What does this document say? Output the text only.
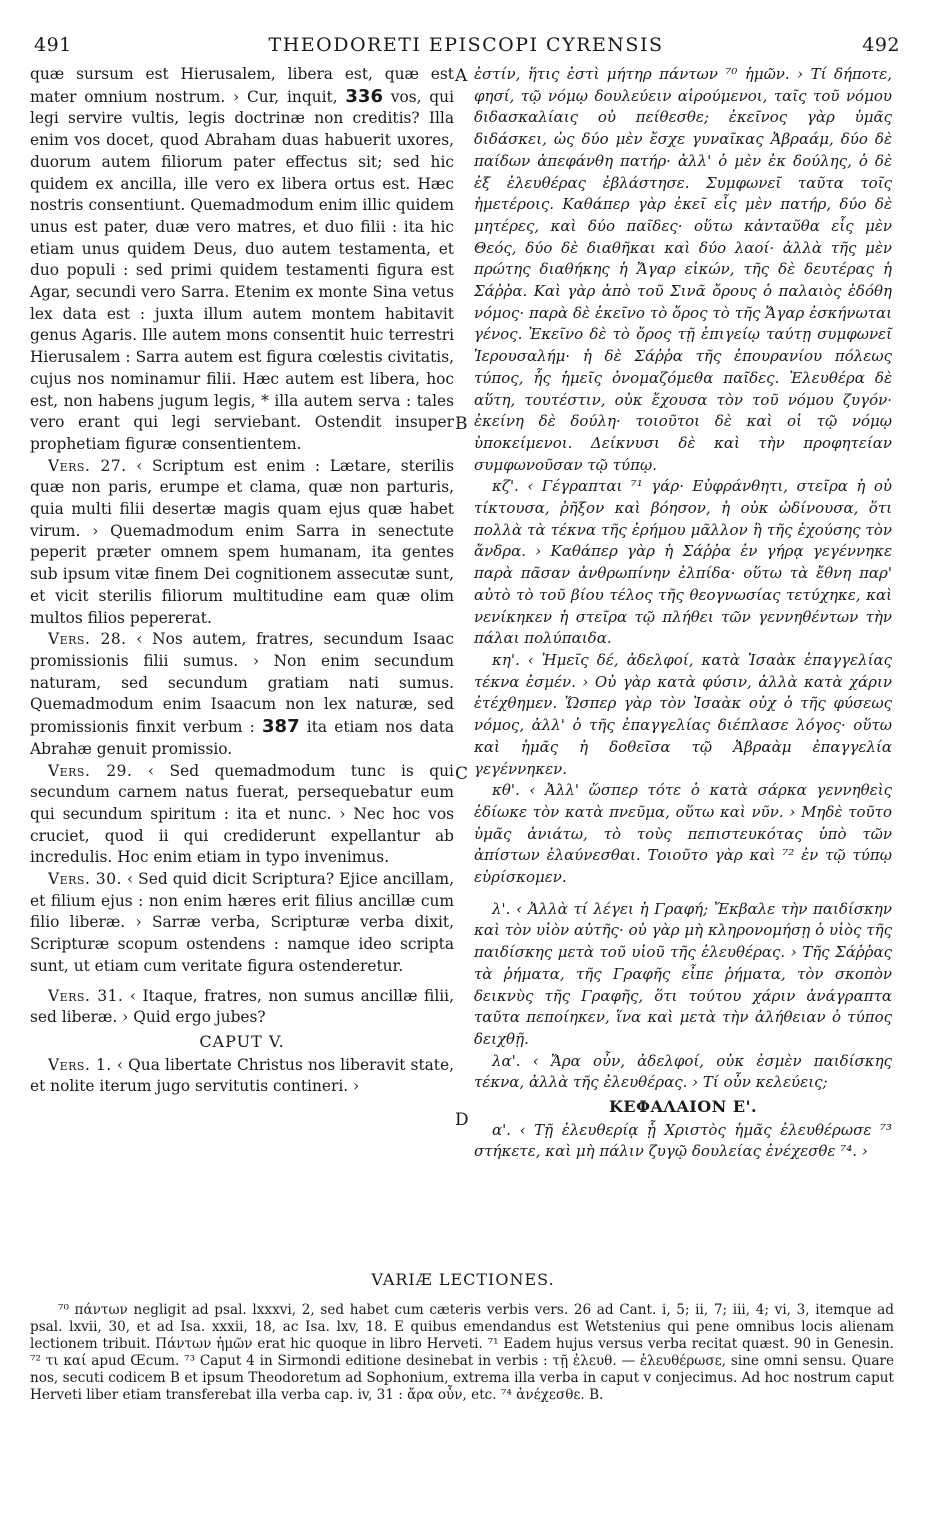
491	THEODORETI EPISCOPI CYRENSIS	492
A
B
C
D

quæ sursum est Hierusalem, libera est, quæ est mater omnium nostrum. › Cur, inquit, 336 vos, qui legi servire vultis, legis doctrinæ non creditis? Illa enim vos docet, quod Abraham duas habuerit uxores, duorum autem filiorum pater effectus sit; sed hic quidem ex ancilla, ille vero ex libera ortus est. Hæc nostris consentiunt. Quemadmodum enim illic quidem unus est pater, duæ vero matres, et duo filii : ita hic etiam unus quidem Deus, duo autem testamenta, et duo populi : sed primi quidem testamenti figura est Agar, secundi vero Sarra. Etenim ex monte Sina vetus lex data est : juxta illum autem montem habitavit genus Agaris. Ille autem mons consentit huic terrestri Hierusalem : Sarra autem est figura cœlestis civitatis, cujus nos nominamur filii. Hæc autem est libera, hoc est, non habens jugum legis, * illa autem serva : tales vero erant qui legi serviebant. Ostendit insuper prophetiam figuræ consentientem.

Vers. 27. ‹ Scriptum est enim : Lætare, sterilis quæ non paris, erumpe et clama, quæ non parturis, quia multi filii desertæ magis quam ejus quæ habet virum. › Quemadmodum enim Sarra in senectute peperit præter omnem spem humanam, ita gentes sub ipsum vitæ finem Dei cognitionem assecutæ sunt, et vicit sterilis filiorum multitudine eam quæ olim multos filios pepererat.

Vers. 28. ‹ Nos autem, fratres, secundum Isaac promissionis filii sumus. › Non enim secundum naturam, sed secundum gratiam nati sumus. Quemadmodum enim Isaacum non lex naturæ, sed promissionis finxit verbum : 387 ita etiam nos data Abrahæ genuit promissio.

Vers. 29. ‹ Sed quemadmodum tunc is qui secundum carnem natus fuerat, persequebatur eum qui secundum spiritum : ita et nunc. › Nec hoc vos cruciet, quod ii qui crediderunt expellantur ab incredulis. Hoc enim etiam in typo invenimus.

Vers. 30. ‹ Sed quid dicit Scriptura? Ejice ancillam, et filium ejus : non enim hæres erit filius ancillæ cum filio liberæ. › Sarræ verba, Scripturæ verba dixit, Scripturæ scopum ostendens : namque ideo scripta sunt, ut etiam cum veritate figura ostenderetur.

Vers. 31. ‹ Itaque, fratres, non sumus ancillæ filii, sed liberæ. › Quid ergo jubes?

CAPUT V.

Vers. 1. ‹ Qua libertate Christus nos liberavit state, et nolite iterum jugo servitutis contineri. ›

ἐστίν, ἥτις ἐστὶ μήτηρ πάντων ⁷⁰ ἡμῶν. › Τί δήποτε, φησί, τῷ νόμῳ δουλεύειν αἱρούμενοι, ταῖς τοῦ νόμου διδασκαλίαις οὐ πείθεσθε; ἐκεῖνος γὰρ ὑμᾶς διδάσκει, ὡς δύο μὲν ἔσχε γυναῖκας Ἀβραάμ, δύο δὲ παίδων ἀπεφάνθη πατήρ· ἀλλ' ὁ μὲν ἐκ δούλης, ὁ δὲ ἐξ ἐλευθέρας ἐβλάστησε. Συμφωνεῖ ταῦτα τοῖς ἡμετέροις. Καθάπερ γὰρ ἐκεῖ εἷς μὲν πατήρ, δύο δὲ μητέρες, καὶ δύο παῖδες· οὕτω κἀνταῦθα εἷς μὲν Θεός, δύο δὲ διαθῆκαι καὶ δύο λαοί· ἀλλὰ τῆς μὲν πρώτης διαθήκης ἡ Ἄγαρ εἰκών, τῆς δὲ δευτέρας ἡ Σάῤῥα. Καὶ γὰρ ἀπὸ τοῦ Σινᾶ ὄρους ὁ παλαιὸς ἐδόθη νόμος· παρὰ δὲ ἐκεῖνο τὸ ὄρος τὸ τῆς Ἄγαρ ἐσκήνωται γένος. Ἐκεῖνο δὲ τὸ ὄρος τῇ ἐπιγείῳ ταύτῃ συμφωνεῖ Ἱερουσαλήμ· ἡ δὲ Σάῤῥα τῆς ἐπουρανίου πόλεως τύπος, ἧς ἡμεῖς ὀνομαζόμεθα παῖδες. Ἐλευθέρα δὲ αὕτη, τουτέστιν, οὐκ ἔχουσα τὸν τοῦ νόμου ζυγόν· ἐκείνη δὲ δούλη· τοιοῦτοι δὲ καὶ οἱ τῷ νόμῳ ὑποκείμενοι. Δείκνυσι δὲ καὶ τὴν προφητείαν συμφωνοῦσαν τῷ τύπῳ.

κζ'. ‹ Γέγραπται ⁷¹ γάρ· Εὐφράνθητι, στεῖρα ἡ οὐ τίκτουσα, ῥῆξον καὶ βόησον, ἡ οὐκ ὠδίνουσα, ὅτι πολλὰ τὰ τέκνα τῆς ἐρήμου μᾶλλον ἢ τῆς ἐχούσης τὸν ἄνδρα. › Καθάπερ γὰρ ἡ Σάῤῥα ἐν γήρᾳ γεγέννηκε παρὰ πᾶσαν ἀνθρωπίνην ἐλπίδα· οὕτω τὰ ἔθνη παρ' αὐτὸ τὸ τοῦ βίου τέλος τῆς θεογνωσίας τετύχηκε, καὶ νενίκηκεν ἡ στεῖρα τῷ πλήθει τῶν γεννηθέντων τὴν πάλαι πολύπαιδα.

κη'. ‹ Ἡμεῖς δέ, ἀδελφοί, κατὰ Ἰσαὰκ ἐπαγγελίας τέκνα ἐσμέν. › Οὐ γὰρ κατὰ φύσιν, ἀλλὰ κατὰ χάριν ἐτέχθημεν. Ὥσπερ γὰρ τὸν Ἰσαὰκ οὐχ ὁ τῆς φύσεως νόμος, ἀλλ' ὁ τῆς ἐπαγγελίας διέπλασε λόγος· οὕτω καὶ ἡμᾶς ἡ δοθεῖσα τῷ Ἀβραὰμ ἐπαγγελία γεγέννηκεν.

κθ'. ‹ Ἀλλ' ὥσπερ τότε ὁ κατὰ σάρκα γεννηθεὶς ἐδίωκε τὸν κατὰ πνεῦμα, οὕτω καὶ νῦν. › Μηδὲ τοῦτο ὑμᾶς ἀνιάτω, τὸ τοὺς πεπιστευκότας ὑπὸ τῶν ἀπίστων ἐλαύνεσθαι. Τοιοῦτο γὰρ καὶ ⁷² ἐν τῷ τύπῳ εὑρίσκομεν.

λ'. ‹ Ἀλλὰ τί λέγει ἡ Γραφή; Ἔκβαλε τὴν παιδίσκην καὶ τὸν υἱὸν αὐτῆς· οὐ γὰρ μὴ κληρονομήσῃ ὁ υἱὸς τῆς παιδίσκης μετὰ τοῦ υἱοῦ τῆς ἐλευθέρας. › Τῆς Σάῤῥας τὰ ῥήματα, τῆς Γραφῆς εἶπε ῥήματα, τὸν σκοπὸν δεικνὺς τῆς Γραφῆς, ὅτι τούτου χάριν ἀνάγραπτα ταῦτα πεποίηκεν, ἵνα καὶ μετὰ τὴν ἀλήθειαν ὁ τύπος δειχθῇ.

λα'. ‹ Ἄρα οὖν, ἀδελφοί, οὐκ ἐσμὲν παιδίσκης τέκνα, ἀλλὰ τῆς ἐλευθέρας. › Τί οὖν κελεύεις;

ΚΕΦΑΛΑΙΟΝ Ε'.

α'. ‹ Τῇ ἐλευθερίᾳ ᾗ Χριστὸς ἡμᾶς ἐλευθέρωσε ⁷³ στήκετε, καὶ μὴ πάλιν ζυγῷ δουλείας ἐνέχεσθε ⁷⁴. ›

VARIÆ LECTIONES.

⁷⁰ πάντων negligit ad psal. lxxxvi, 2, sed habet cum cæteris verbis vers. 26 ad Cant. i, 5; ii, 7; iii, 4; vi, 3, itemque ad psal. lxvii, 30, et ad Isa. xxxii, 18, ac Isa. lxv, 18. E quibus emendandus est Wetstenius qui pene omnibus locis alienam lectionem tribuit. Πάντων ἡμῶν erat hic quoque in libro Herveti. ⁷¹ Eadem hujus versus verba recitat quæst. 90 in Genesin. ⁷² τι καί apud Œcum. ⁷³ Caput 4 in Sirmondi editione desinebat in verbis : τῇ ἐλευθ. — ἐλευθέρωσε, sine omni sensu. Quare nos, secuti codicem B et ipsum Theodoretum ad Sophonium, extrema illa verba in caput v conjecimus. Ad hoc nostrum caput Herveti liber etiam transferebat illa verba cap. iv, 31 : ἄρα οὖν, etc. ⁷⁴ ἀνέχεσθε. B.
